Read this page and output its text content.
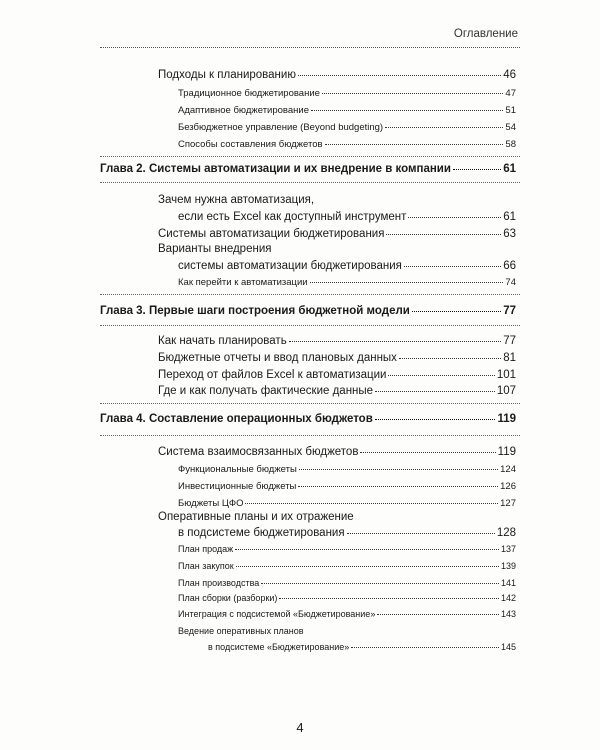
Оглавление
Подходы к планированию	46
Традиционное бюджетирование	47
Адаптивное бюджетирование	51
Безбюджетное управление (Beyond budgeting)	54
Способы составления бюджетов	58
Глава 2. Системы автоматизации и их внедрение в компании	61
Зачем нужна автоматизация,
если есть Excel как доступный инструмент	61
Системы автоматизации бюджетирования	63
Варианты внедрения
системы автоматизации бюджетирования	66
Как перейти к автоматизации	74
Глава 3. Первые шаги построения бюджетной модели	77
Как начать планировать	77
Бюджетные отчеты и ввод плановых данных	81
Переход от файлов Excel к автоматизации	101
Где и как получать фактические данные	107
Глава 4. Составление операционных бюджетов	119
Система взаимосвязанных бюджетов	119
Функциональные бюджеты	124
Инвестиционные бюджеты	126
Бюджеты ЦФО	127
Оперативные планы и их отражение
в подсистеме бюджетирования	128
План продаж	137
План закупок	139
План производства	141
План сборки (разборки)	142
Интеграция с подсистемой «Бюджетирование»	143
Ведение оперативных планов
в подсистеме «Бюджетирование»	145
4
